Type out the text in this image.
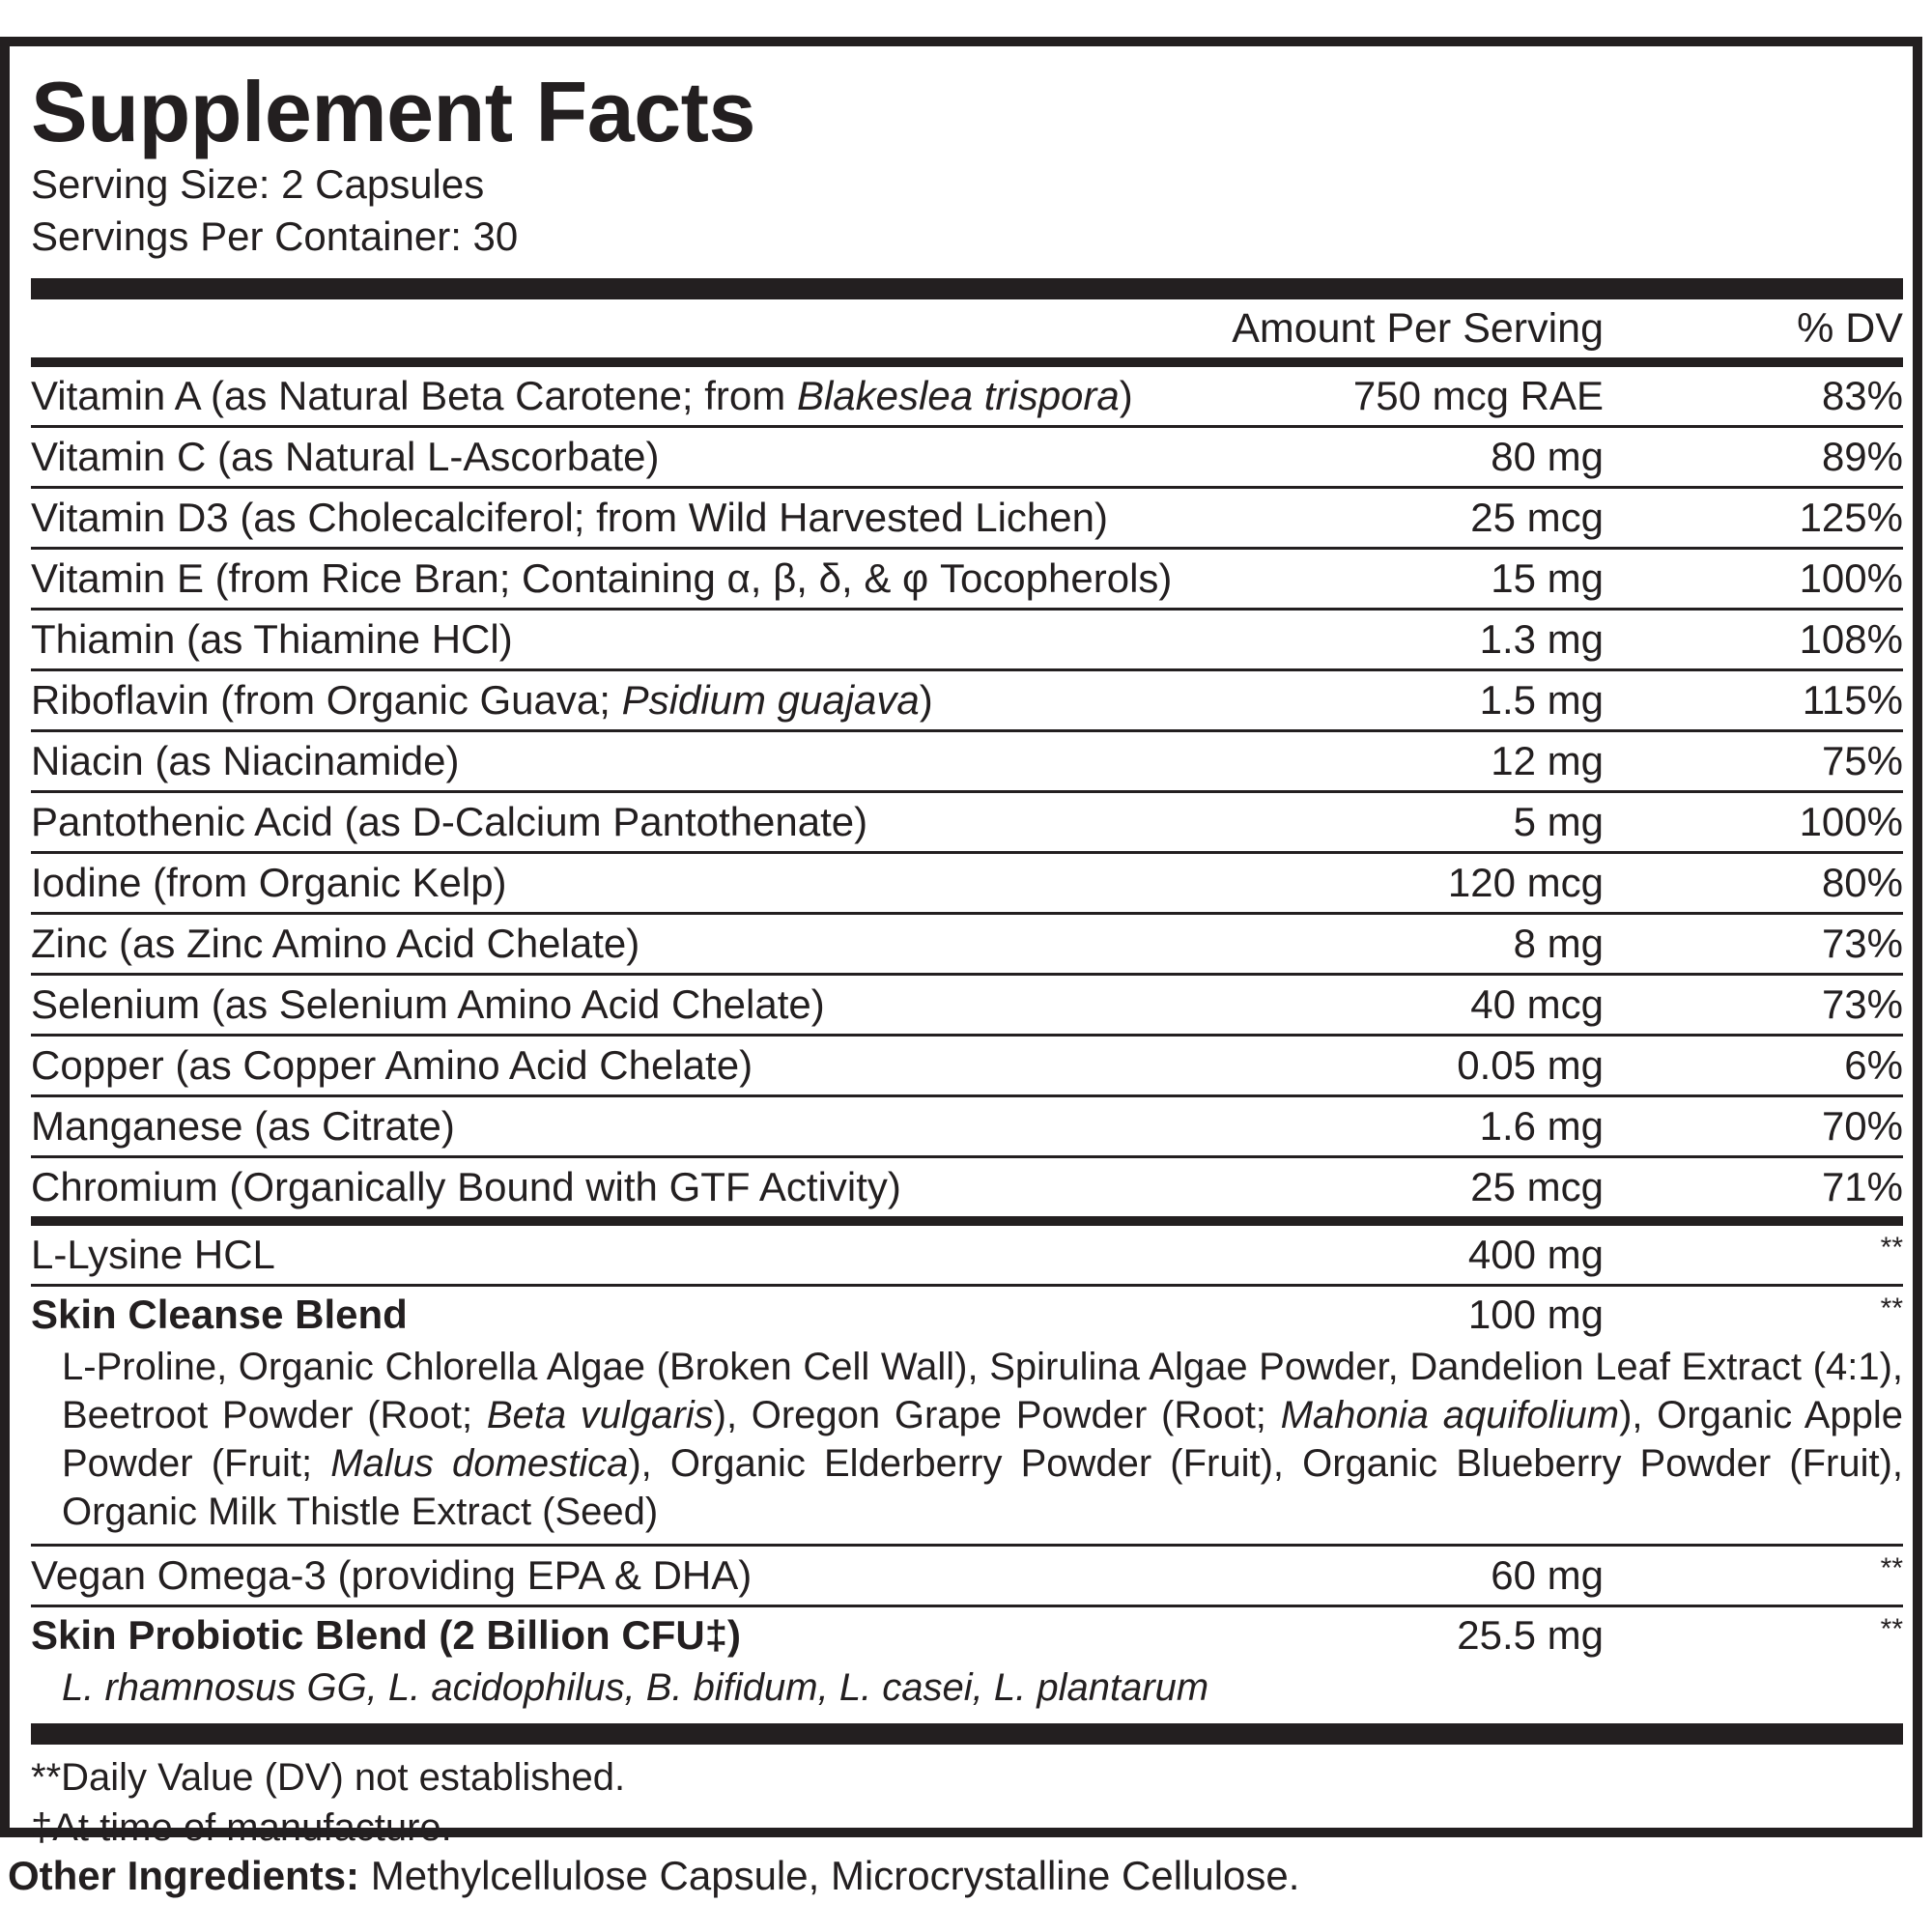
Supplement Facts
Serving Size: 2 Capsules
Servings Per Container: 30
Amount Per Serving	% DV
Vitamin A (as Natural Beta Carotene; from Blakeslea trispora)	750 mcg RAE	83%
Vitamin C (as Natural L-Ascorbate)	80 mg	89%
Vitamin D3 (as Cholecalciferol; from Wild Harvested Lichen)	25 mcg	125%
Vitamin E (from Rice Bran; Containing α, β, δ, & φ Tocopherols)	15 mg	100%
Thiamin (as Thiamine HCl)	1.3 mg	108%
Riboflavin (from Organic Guava; Psidium guajava)	1.5 mg	115%
Niacin (as Niacinamide)	12 mg	75%
Pantothenic Acid (as D-Calcium Pantothenate)	5 mg	100%
Iodine (from Organic Kelp)	120 mcg	80%
Zinc (as Zinc Amino Acid Chelate)	8 mg	73%
Selenium (as Selenium Amino Acid Chelate)	40 mcg	73%
Copper (as Copper Amino Acid Chelate)	0.05 mg	6%
Manganese (as Citrate)	1.6 mg	70%
Chromium (Organically Bound with GTF Activity)	25 mcg	71%
L-Lysine HCL	400 mg	**
Skin Cleanse Blend	100 mg	**
L-Proline, Organic Chlorella Algae (Broken Cell Wall), Spirulina Algae Powder, Dandelion Leaf Extract (4:1), Beetroot Powder (Root; Beta vulgaris), Oregon Grape Powder (Root; Mahonia aquifolium), Organic Apple Powder (Fruit; Malus domestica), Organic Elderberry Powder (Fruit), Organic Blueberry Powder (Fruit), Organic Milk Thistle Extract (Seed)
Vegan Omega-3 (providing EPA & DHA)	60 mg	**
Skin Probiotic Blend (2 Billion CFU‡)	25.5 mg	**
L. rhamnosus GG, L. acidophilus, B. bifidum, L. casei, L. plantarum
**Daily Value (DV) not established.
‡At time of manufacture.
Other Ingredients: Methylcellulose Capsule, Microcrystalline Cellulose.
